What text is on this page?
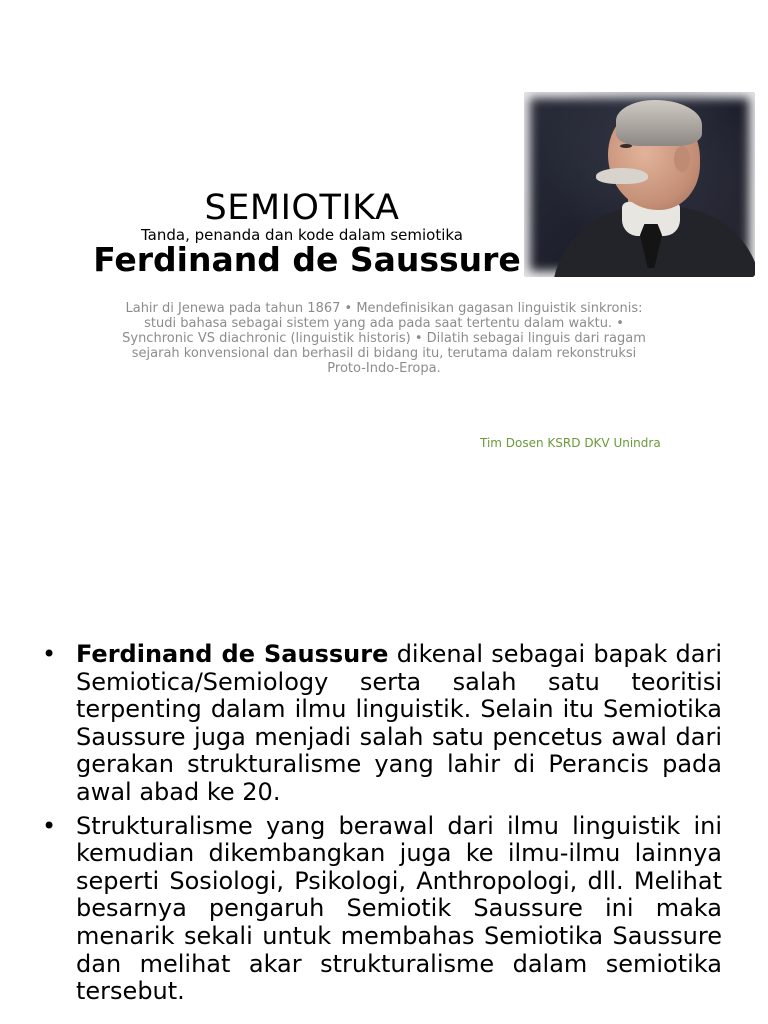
SEMIOTIKA
Tanda, penanda dan kode dalam semiotika
Ferdinand de Saussure
Lahir di Jenewa pada tahun 1867 • Mendefinisikan gagasan linguistik sinkronis: studi bahasa sebagai sistem yang ada pada saat tertentu dalam waktu. • Synchronic VS diachronic (linguistik historis) • Dilatih sebagai linguis dari ragam sejarah konvensional dan berhasil di bidang itu, terutama dalam rekonstruksi Proto-Indo-Eropa.
Tim Dosen KSRD DKV Unindra
• Ferdinand de Saussure dikenal sebagai bapak dari Semiotica/Semiology serta salah satu teoritisi terpenting dalam ilmu linguistik. Selain itu Semiotika Saussure juga menjadi salah satu pencetus awal dari gerakan strukturalisme yang lahir di Perancis pada awal abad ke 20.
• Strukturalisme yang berawal dari ilmu linguistik ini kemudian dikembangkan juga ke ilmu-ilmu lainnya seperti Sosiologi, Psikologi, Anthropologi, dll. Melihat besarnya pengaruh Semiotik Saussure ini maka menarik sekali untuk membahas Semiotika Saussure dan melihat akar strukturalisme dalam semiotika tersebut.
